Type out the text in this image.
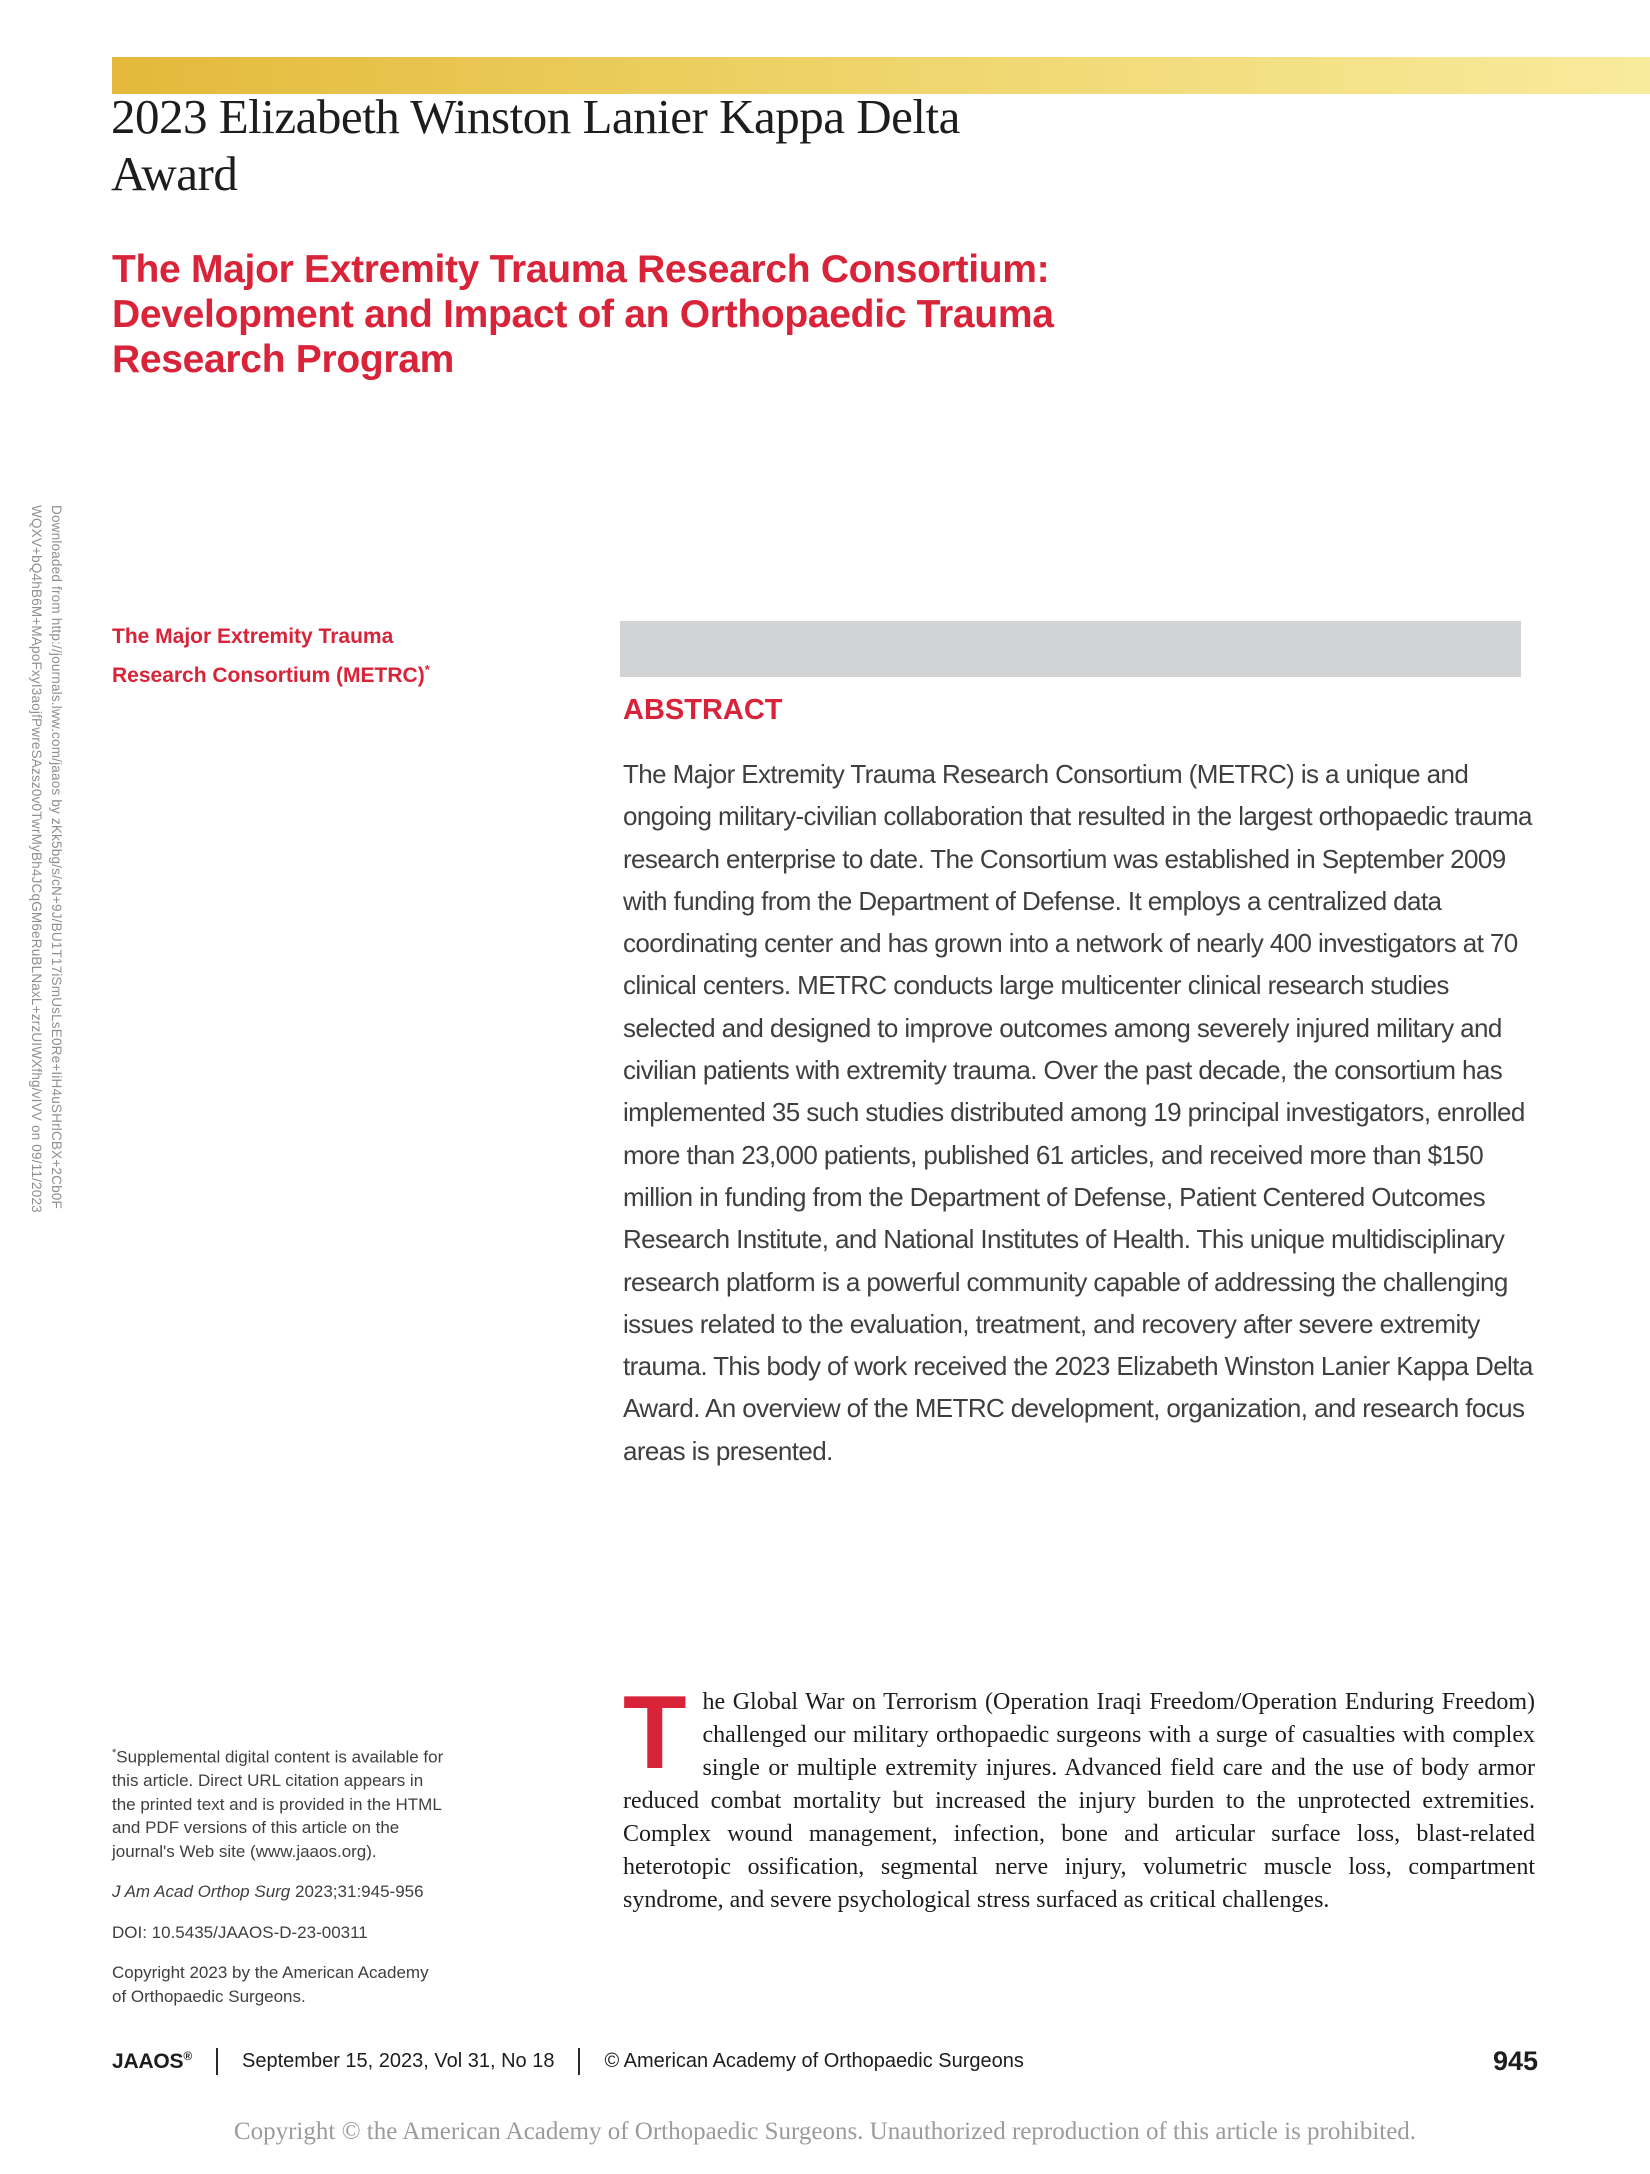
Downloaded from http://journals.lww.com/jaaos by zKk5bg/s/cN+9J/BU1T17iSmUsLsE0Re+IiH4uSHrlCBX+2Cb0F
WQXV+bQ4hB6M+MApoFxyI3aojfPwreSAzsz0v0TwrMyBh4JCqGM6eRuBLNaxL+zrzUIWXfhg/vIVV on 09/11/2023
2023 Elizabeth Winston Lanier Kappa Delta
Award
The Major Extremity Trauma Research Consortium:
Development and Impact of an Orthopaedic Trauma
Research Program
The Major Extremity Trauma
Research Consortium (METRC)*
ABSTRACT

The Major Extremity Trauma Research Consortium (METRC) is a unique and ongoing military-civilian collaboration that resulted in the largest orthopaedic trauma research enterprise to date. The Consortium was established in September 2009 with funding from the Department of Defense. It employs a centralized data coordinating center and has grown into a network of nearly 400 investigators at 70 clinical centers. METRC conducts large multicenter clinical research studies selected and designed to improve outcomes among severely injured military and civilian patients with extremity trauma. Over the past decade, the consortium has implemented 35 such studies distributed among 19 principal investigators, enrolled more than 23,000 patients, published 61 articles, and received more than $150 million in funding from the Department of Defense, Patient Centered Outcomes Research Institute, and National Institutes of Health. This unique multidisciplinary research platform is a powerful community capable of addressing the challenging issues related to the evaluation, treatment, and recovery after severe extremity trauma. This body of work received the 2023 Elizabeth Winston Lanier Kappa Delta Award. An overview of the METRC development, organization, and research focus areas is presented.

The Global War on Terrorism (Operation Iraqi Freedom/Operation Enduring Freedom) challenged our military orthopaedic surgeons with a surge of casualties with complex single or multiple extremity injures. Advanced field care and the use of body armor reduced combat mortality but increased the injury burden to the unprotected extremities. Complex wound management, infection, bone and articular surface loss, blast-related heterotopic ossification, segmental nerve injury, volumetric muscle loss, compartment syndrome, and severe psychological stress surfaced as critical challenges.

*Supplemental digital content is available for this article. Direct URL citation appears in the printed text and is provided in the HTML and PDF versions of this article on the journal's Web site (www.jaaos.org).

J Am Acad Orthop Surg 2023;31:945-956

DOI: 10.5435/JAAOS-D-23-00311

Copyright 2023 by the American Academy of Orthopaedic Surgeons.

JAAOS®	September 15, 2023, Vol 31, No 18	© American Academy of Orthopaedic Surgeons	945
Copyright © the American Academy of Orthopaedic Surgeons. Unauthorized reproduction of this article is prohibited.
